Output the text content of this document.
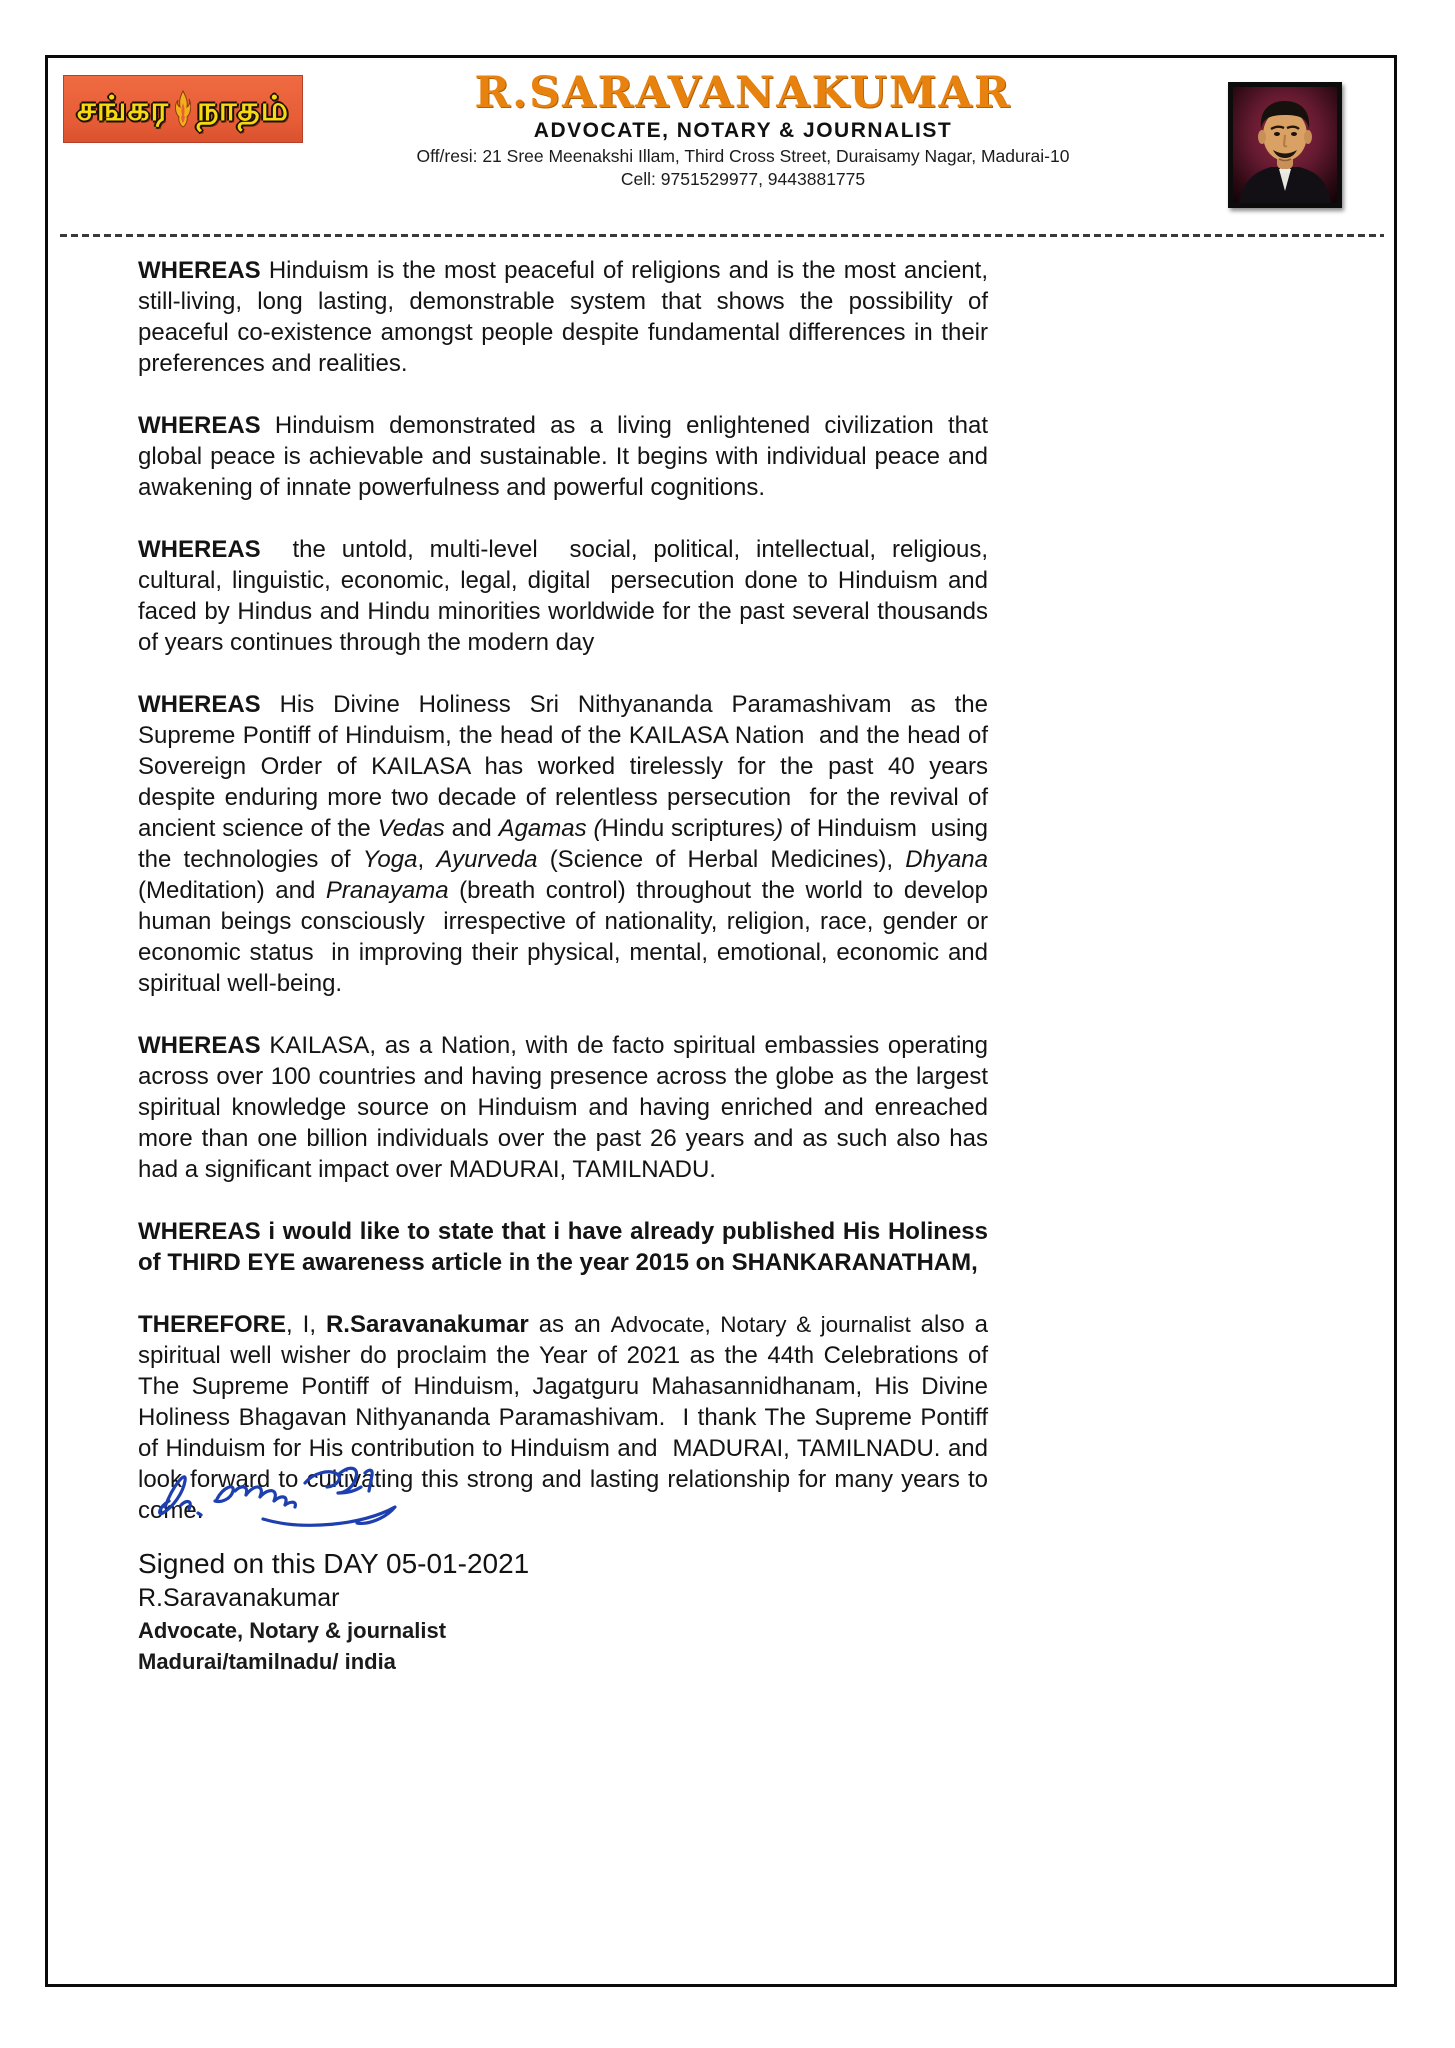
சங்கர நாதம்	R.SARAVANAKUMAR
ADVOCATE, NOTARY & JOURNALIST
Off/resi: 21 Sree Meenakshi Illam, Third Cross Street, Duraisamy Nagar, Madurai-10
Cell: 9751529977, 9443881775

WHEREAS Hinduism is the most peaceful of religions and is the most ancient, still-living, long lasting, demonstrable system that shows the possibility of peaceful co-existence amongst people despite fundamental differences in their preferences and realities.

WHEREAS Hinduism demonstrated as a living enlightened civilization that global peace is achievable and sustainable. It begins with individual peace and awakening of innate powerfulness and powerful cognitions.

WHEREAS  the untold, multi-level  social, political, intellectual, religious, cultural, linguistic, economic, legal, digital  persecution done to Hinduism and faced by Hindus and Hindu minorities worldwide for the past several thousands of years continues through the modern day

WHEREAS His Divine Holiness Sri Nithyananda Paramashivam as the Supreme Pontiff of Hinduism, the head of the KAILASA Nation  and the head of Sovereign Order of KAILASA has worked tirelessly for the past 40 years   despite enduring more two decade of relentless persecution  for the revival of ancient science of the Vedas and Agamas (Hindu scriptures) of Hinduism  using the technologies of Yoga, Ayurveda (Science of Herbal Medicines), Dhyana (Meditation) and Pranayama (breath control) throughout the world to develop human beings consciously  irrespective of nationality, religion, race, gender or economic status  in improving their physical, mental, emotional, economic and spiritual well-being.

WHEREAS KAILASA, as a Nation, with de facto spiritual embassies operating across over 100 countries and having presence across the globe as the largest spiritual knowledge source on Hinduism and having enriched and enreached more than one billion individuals over the past 26 years and as such also has had a significant impact over MADURAI, TAMILNADU.

WHEREAS i would like to state that i have already published His Holiness of THIRD EYE awareness article in the year 2015 on SHANKARANATHAM,

THEREFORE, I, R.Saravanakumar as an Advocate, Notary & journalist also a spiritual well wisher do proclaim the Year of 2021 as the 44th Celebrations of The Supreme Pontiff of Hinduism, Jagatguru Mahasannidhanam, His Divine Holiness Bhagavan Nithyananda Paramashivam.  I thank The Supreme Pontiff of Hinduism for His contribution to Hinduism and  MADURAI, TAMILNADU. and look forward to cultivating this strong and lasting relationship for many years to come.

Signed on this DAY 05-01-2021
R.Saravanakumar
Advocate, Notary & journalist
Madurai/tamilnadu/ india
